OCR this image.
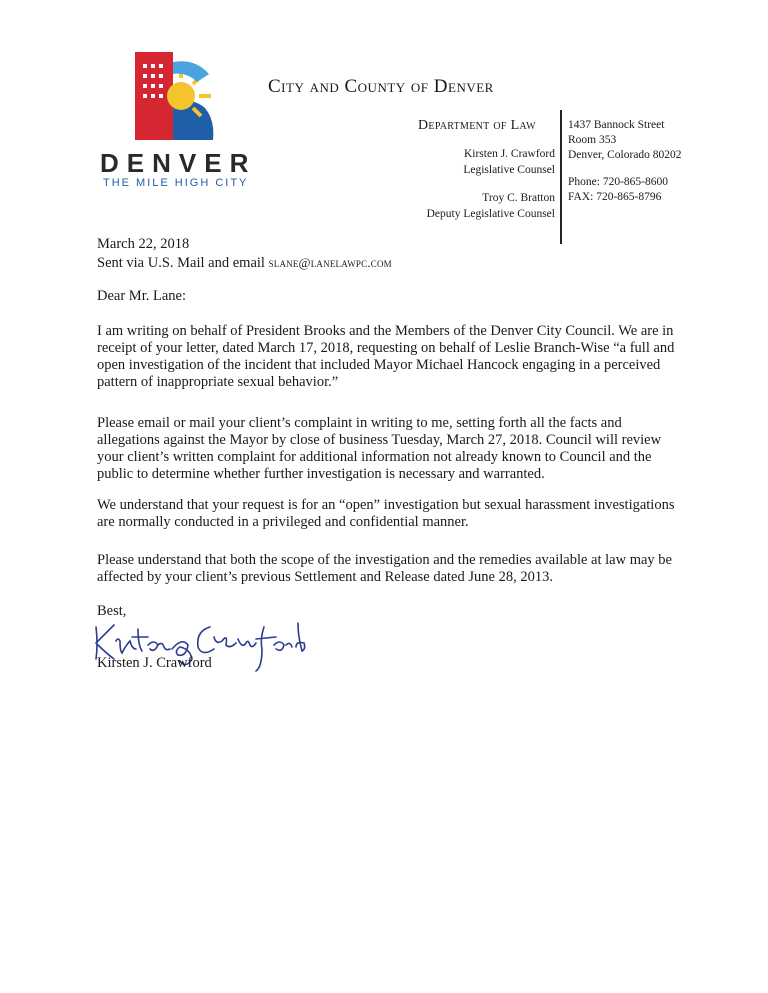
DENVER
THE MILE HIGH CITY
City and County of Denver
Department of Law
Kirsten J. Crawford
Legislative Counsel
Troy C. Bratton
Deputy Legislative Counsel
1437 Bannock Street
Room 353
Denver, Colorado 80202
Phone: 720-865-8600
FAX: 720-865-8796
March 22, 2018
Sent via U.S. Mail and email slane@lanelawpc.com
Dear Mr. Lane:
I am writing on behalf of President Brooks and the Members of the Denver City Council. We are in receipt of your letter, dated March 17, 2018, requesting on behalf of Leslie Branch-Wise “a full and open investigation of the incident that included Mayor Michael Hancock engaging in a perceived pattern of inappropriate sexual behavior.”
Please email or mail your client’s complaint in writing to me, setting forth all the facts and allegations against the Mayor by close of business Tuesday, March 27, 2018. Council will review your client’s written complaint for additional information not already known to Council and the public to determine whether further investigation is necessary and warranted.
We understand that your request is for an “open” investigation but sexual harassment investigations are normally conducted in a privileged and confidential manner.
Please understand that both the scope of the investigation and the remedies available at law may be affected by your client’s previous Settlement and Release dated June 28, 2013.
Best,
Kirsten J. Crawford
